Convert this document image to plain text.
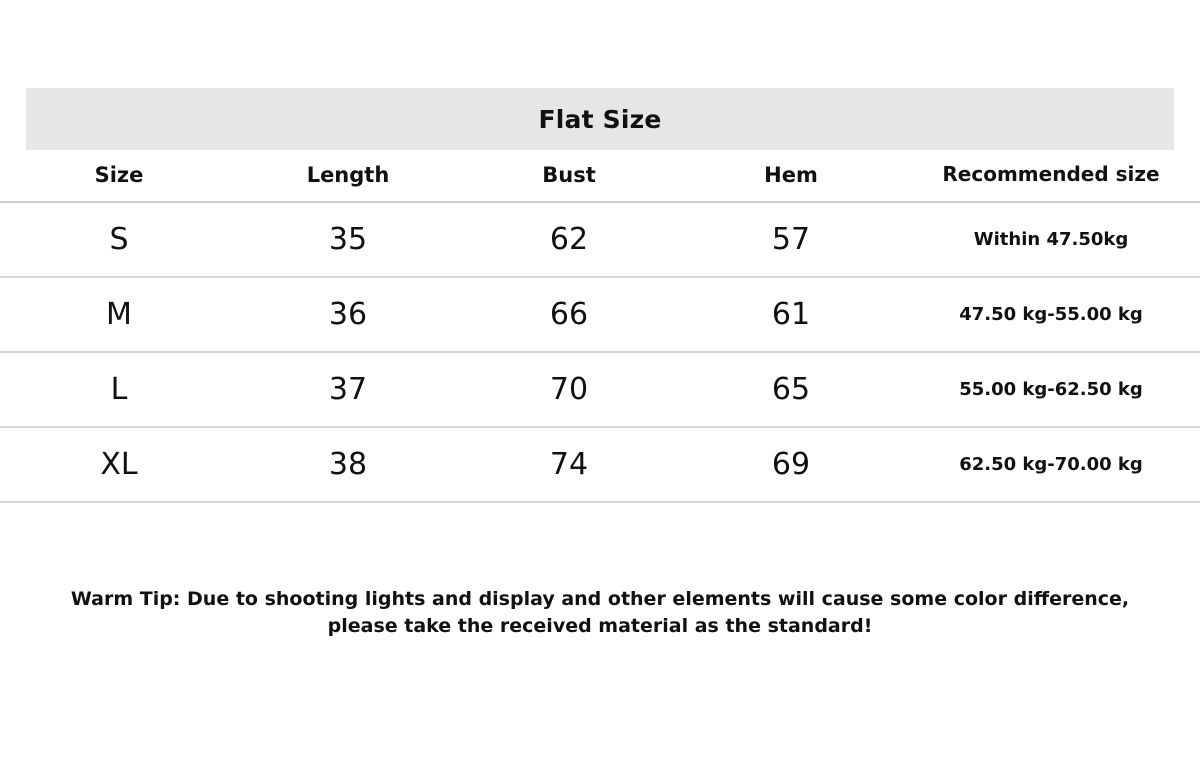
Flat Size
Size	Length	Bust	Hem	Recommended size
S	35	62	57	Within 47.50kg
M	36	66	61	47.50 kg-55.00 kg
L	37	70	65	55.00 kg-62.50 kg
XL	38	74	69	62.50 kg-70.00 kg
Warm Tip: Due to shooting lights and display and other elements will cause some color difference, please take the received material as the standard!
